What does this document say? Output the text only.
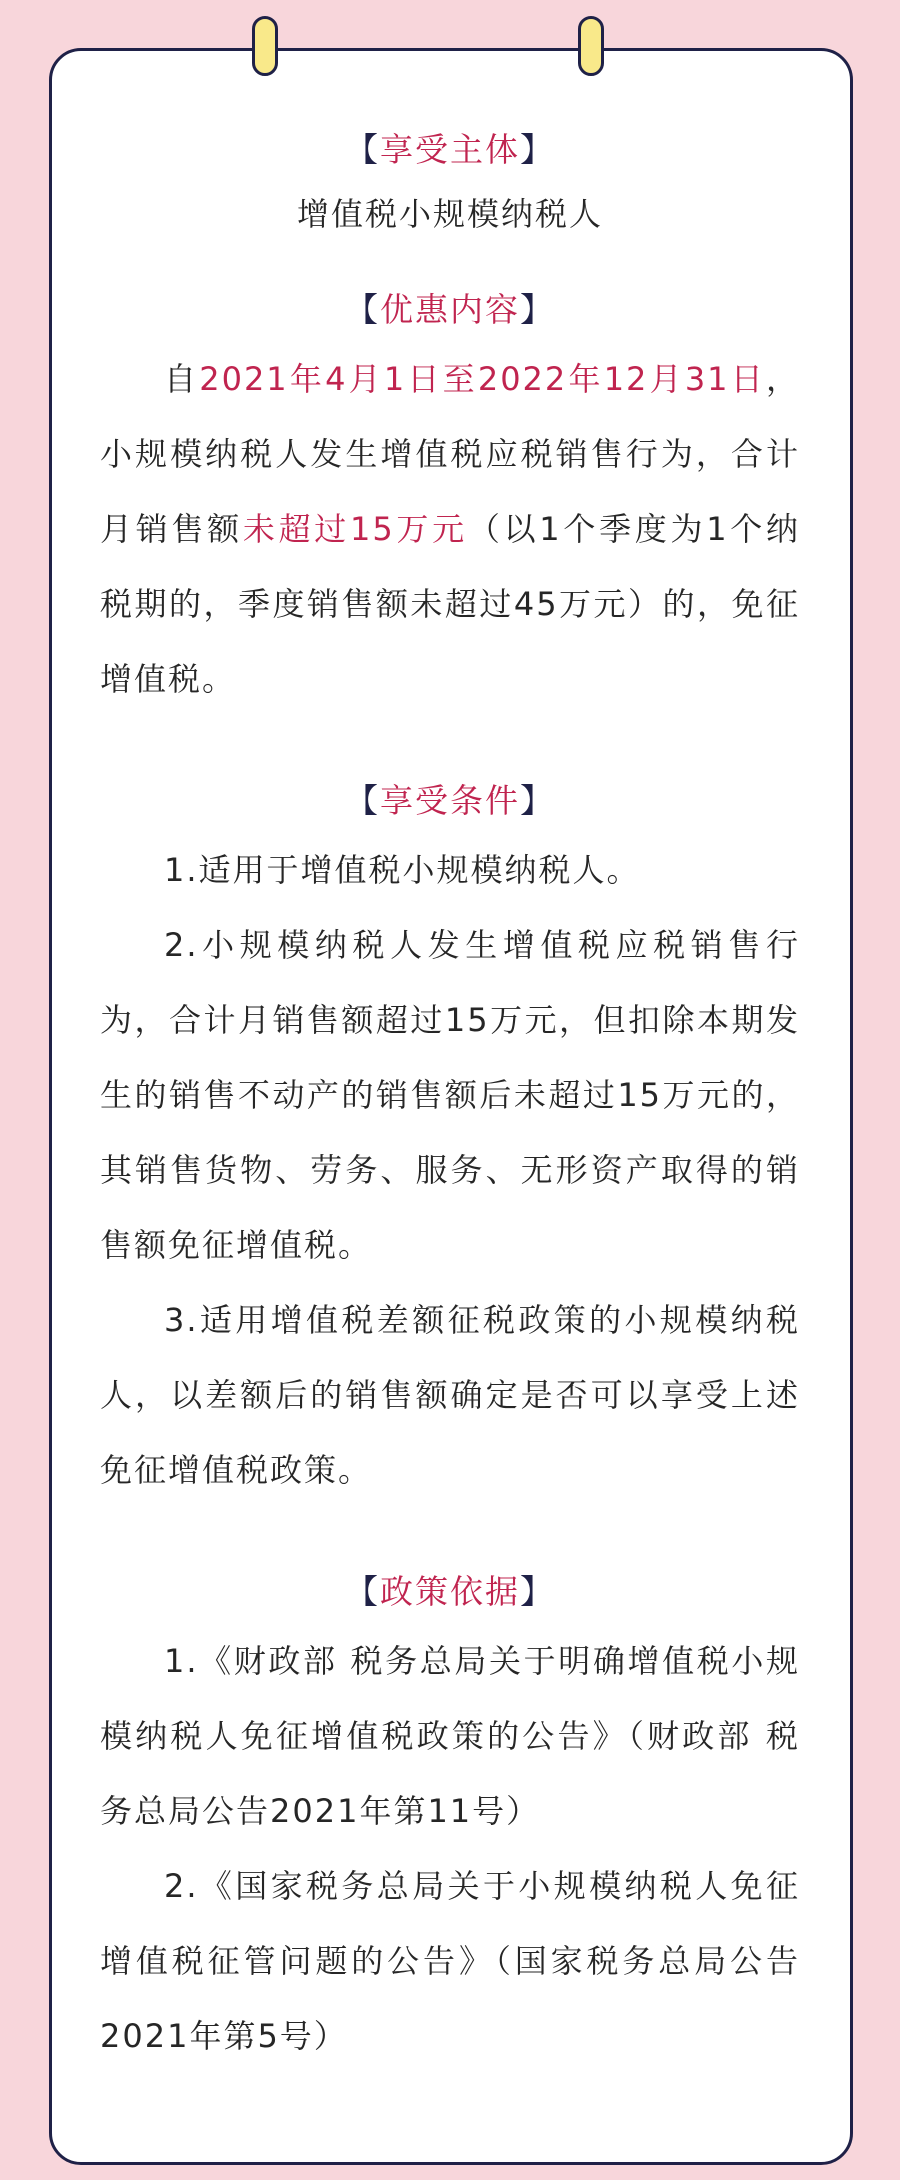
【享受主体】
增值税小规模纳税人
【优惠内容】

自2021年4月1日至2022年12月31日，小规模纳税人发生增值税应税销售行为，合计月销售额未超过15万元（以1个季度为1个纳税期的，季度销售额未超过45万元）的，免征增值税。

【享受条件】

1.适用于增值税小规模纳税人。

2.小规模纳税人发生增值税应税销售行为，合计月销售额超过15万元，但扣除本期发生的销售不动产的销售额后未超过15万元的，其销售货物、劳务、服务、无形资产取得的销售额免征增值税。

3.适用增值税差额征税政策的小规模纳税人，以差额后的销售额确定是否可以享受上述免征增值税政策。

【政策依据】

1.《财政部 税务总局关于明确增值税小规模纳税人免征增值税政策的公告》（财政部 税务总局公告2021年第11号）

2.《国家税务总局关于小规模纳税人免征增值税征管问题的公告》（国家税务总局公告2021年第5号）
